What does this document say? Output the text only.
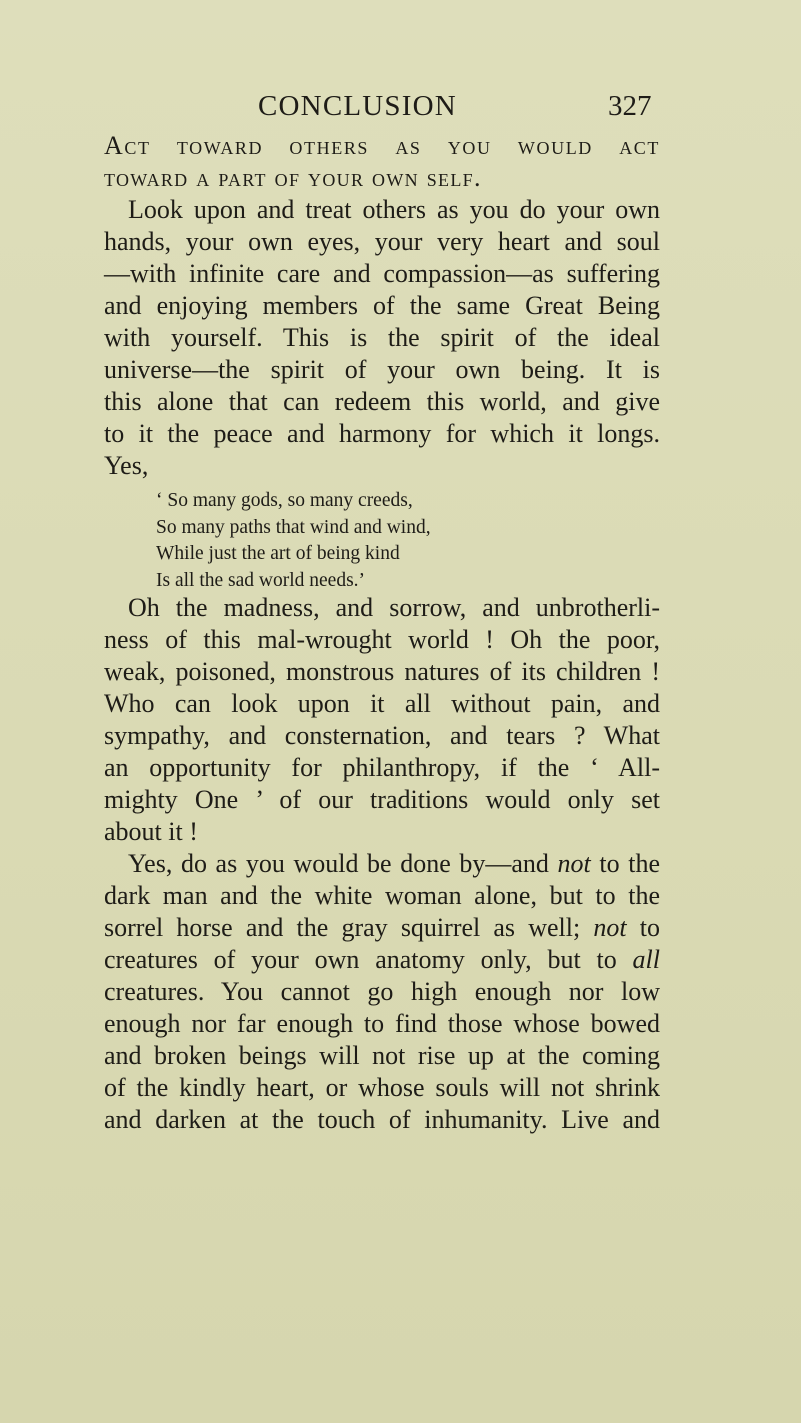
CONCLUSION	327
Act toward others as you would act
toward a part of your own self.
Look upon and treat others as you do your own
hands, your own eyes, your very heart and soul
—with infinite care and compassion—as suffering
and enjoying members of the same Great Being
with yourself. This is the spirit of the ideal
universe—the spirit of your own being. It is
this alone that can redeem this world, and give
to it the peace and harmony for which it longs.
Yes,
‘ So many gods, so many creeds,
So many paths that wind and wind,
While just the art of being kind
Is all the sad world needs.’
Oh the madness, and sorrow, and unbrotherli-
ness of this mal-wrought world ! Oh the poor,
weak, poisoned, monstrous natures of its children !
Who can look upon it all without pain, and
sympathy, and consternation, and tears ? What
an opportunity for philanthropy, if the ‘ All-
mighty One ’ of our traditions would only set
about it !
Yes, do as you would be done by—and not to the
dark man and the white woman alone, but to the
sorrel horse and the gray squirrel as well; not to
creatures of your own anatomy only, but to all
creatures. You cannot go high enough nor low
enough nor far enough to find those whose bowed
and broken beings will not rise up at the coming
of the kindly heart, or whose souls will not shrink
and darken at the touch of inhumanity. Live and
